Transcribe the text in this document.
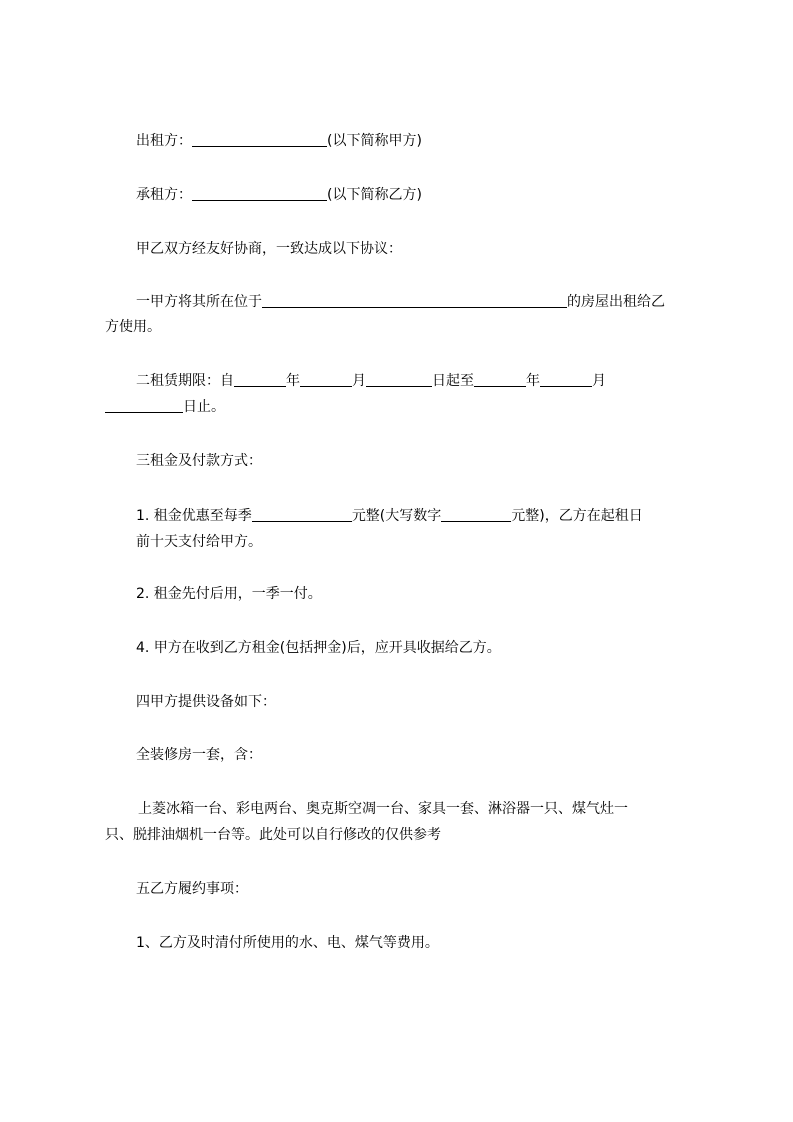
出租方：	(以下简称甲方)
承租方：	(以下简称乙方)
甲乙双方经友好协商，一致达成以下协议：
一甲方将其所在位于	的房屋出租给乙
方使用。
二租赁期限：自	年	月	日起至	年	月
日止。
三租金及付款方式：
1. 租金优惠至每季	元整(大写数字	元整)，乙方在起租日
前十天支付给甲方。
2. 租金先付后用，一季一付。
4. 甲方在收到乙方租金(包括押金)后，应开具收据给乙方。
四甲方提供设备如下：
全装修房一套，含：
上菱冰箱一台、彩电两台、奥克斯空凋一台、家具一套、淋浴器一只、煤气灶一
只、脱排油烟机一台等。此处可以自行修改的仅供参考
五乙方履约事项：
1、乙方及时清付所使用的水、电、煤气等费用。
